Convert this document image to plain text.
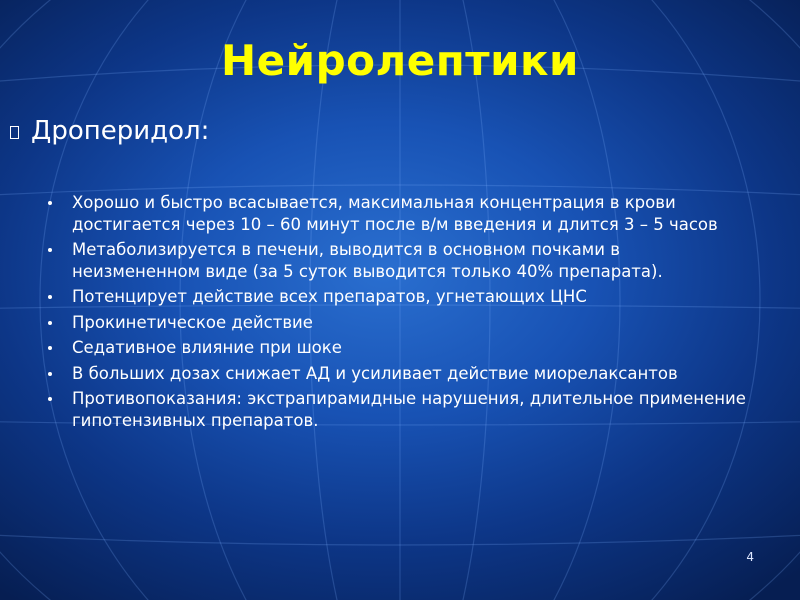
Нейролептики
Дроперидол:
Хорошо и быстро всасывается, максимальная концентрация в крови достигается через 10 – 60 минут после в/м введения и длится 3 – 5 часов
Метаболизируется в печени, выводится в основном почками в неизмененном виде (за 5 суток выводится только 40% препарата).
Потенцирует действие всех препаратов, угнетающих ЦНС
Прокинетическое действие
Седативное влияние при шоке
В больших дозах снижает АД и усиливает действие миорелаксантов
Противопоказания: экстрапирамидные нарушения, длительное применение гипотензивных препаратов.
4
